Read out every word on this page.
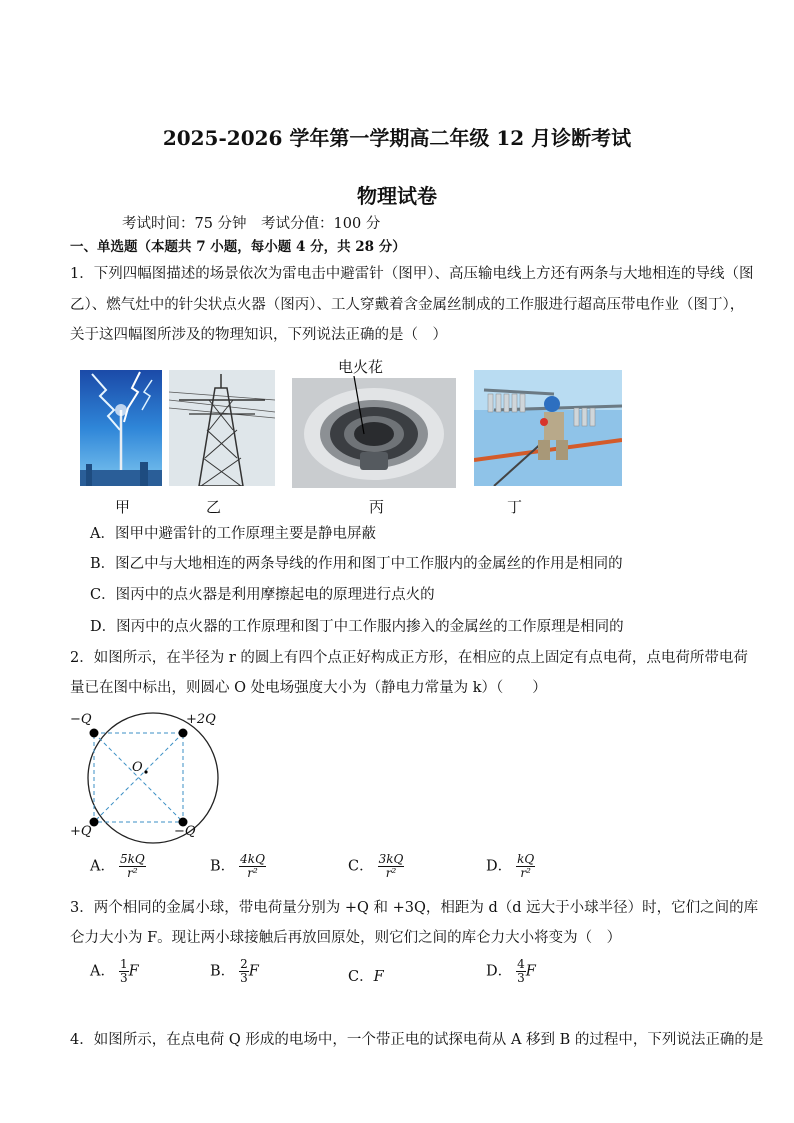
2025-2026 学年第一学期高二年级 12 月诊断考试
物理试卷
考试时间：75 分钟　考试分值：100 分
一、单选题（本题共 7 小题，每小题 4 分，共 28 分）
1．下列四幅图描述的场景依次为雷电击中避雷针（图甲）、高压输电线上方还有两条与大地相连的导线（图
乙）、燃气灶中的针尖状点火器（图丙）、工人穿戴着含金属丝制成的工作服进行超高压带电作业（图丁），
关于这四幅图所涉及的物理知识，下列说法正确的是（　）
电火花
甲	乙	丙	丁
A．图甲中避雷针的工作原理主要是静电屏蔽
B．图乙中与大地相连的两条导线的作用和图丁中工作服内的金属丝的作用是相同的
C．图丙中的点火器是利用摩擦起电的原理进行点火的
D．图丙中的点火器的工作原理和图丁中工作服内掺入的金属丝的工作原理是相同的
2．如图所示，在半径为 r 的圆上有四个点正好构成正方形，在相应的点上固定有点电荷，点电荷所带电荷
量已在图中标出，则圆心 O 处电场强度大小为（静电力常量为 k）（　　）
−Q	+2Q
O
+Q	−Q
A． $\frac{5kQ}{\text{r²}}$	B． $\frac{4kQ}{\text{r²}}$	C． $\frac{3kQ}{\text{r²}}$	D． $\frac{kQ}{\text{r²}}$
3．两个相同的金属小球，带电荷量分别为 +Q 和 +3Q，相距为 d（d 远大于小球半径）时，它们之间的库
仑力大小为 F。现让两小球接触后再放回原处，则它们之间的库仑力大小将变为（　）
A． $\frac{1}{3}$ F	B． $\frac{2}{3}$ F	C．F	D． $\frac{4}{3}$ F
4．如图所示，在点电荷 Q 形成的电场中，一个带正电的试探电荷从 A 移到 B 的过程中，下列说法正确的是
